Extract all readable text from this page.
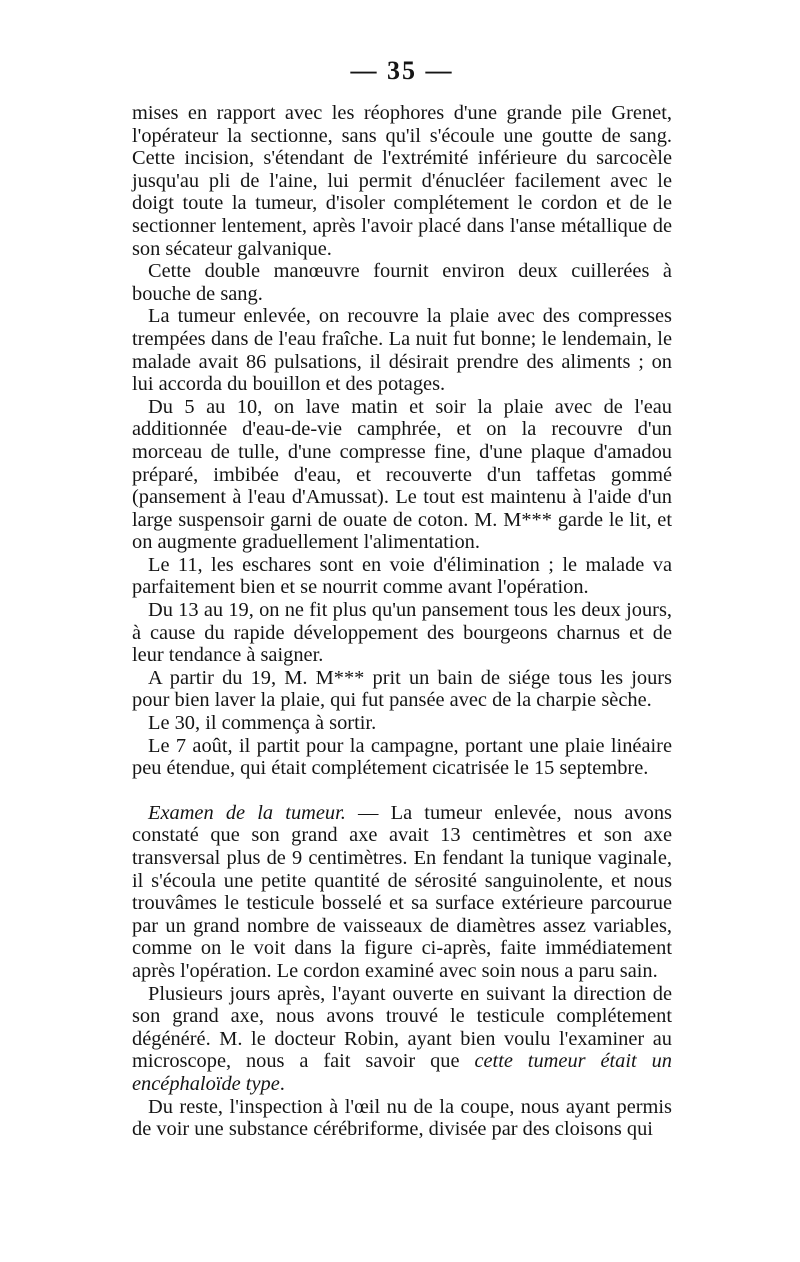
— 35 —

mises en rapport avec les réophores d'une grande pile Grenet, l'opérateur la sectionne, sans qu'il s'écoule une goutte de sang. Cette incision, s'étendant de l'extrémité inférieure du sarcocèle jusqu'au pli de l'aine, lui permit d'énucléer facilement avec le doigt toute la tumeur, d'isoler complétement le cordon et de le sectionner lentement, après l'avoir placé dans l'anse métallique de son sécateur galvanique.

Cette double manœuvre fournit environ deux cuillerées à bouche de sang.

La tumeur enlevée, on recouvre la plaie avec des compresses trempées dans de l'eau fraîche. La nuit fut bonne; le lendemain, le malade avait 86 pulsations, il désirait prendre des aliments ; on lui accorda du bouillon et des potages.

Du 5 au 10, on lave matin et soir la plaie avec de l'eau additionnée d'eau-de-vie camphrée, et on la recouvre d'un morceau de tulle, d'une compresse fine, d'une plaque d'amadou préparé, imbibée d'eau, et recouverte d'un taffetas gommé (pansement à l'eau d'Amussat). Le tout est maintenu à l'aide d'un large suspensoir garni de ouate de coton. M. M*** garde le lit, et on augmente graduellement l'alimentation.

Le 11, les eschares sont en voie d'élimination ; le malade va parfaitement bien et se nourrit comme avant l'opération.

Du 13 au 19, on ne fit plus qu'un pansement tous les deux jours, à cause du rapide développement des bourgeons charnus et de leur tendance à saigner.

A partir du 19, M. M*** prit un bain de siége tous les jours pour bien laver la plaie, qui fut pansée avec de la charpie sèche.

Le 30, il commença à sortir.

Le 7 août, il partit pour la campagne, portant une plaie linéaire peu étendue, qui était complétement cicatrisée le 15 septembre.

Examen de la tumeur. — La tumeur enlevée, nous avons constaté que son grand axe avait 13 centimètres et son axe transversal plus de 9 centimètres. En fendant la tunique vaginale, il s'écoula une petite quantité de sérosité sanguinolente, et nous trouvâmes le testicule bosselé et sa surface extérieure parcourue par un grand nombre de vaisseaux de diamètres assez variables, comme on le voit dans la figure ci-après, faite immédiatement après l'opération. Le cordon examiné avec soin nous a paru sain.

Plusieurs jours après, l'ayant ouverte en suivant la direction de son grand axe, nous avons trouvé le testicule complétement dégénéré. M. le docteur Robin, ayant bien voulu l'examiner au microscope, nous a fait savoir que cette tumeur était un encéphaloïde type.

Du reste, l'inspection à l'œil nu de la coupe, nous ayant permis de voir une substance cérébriforme, divisée par des cloisons qui
